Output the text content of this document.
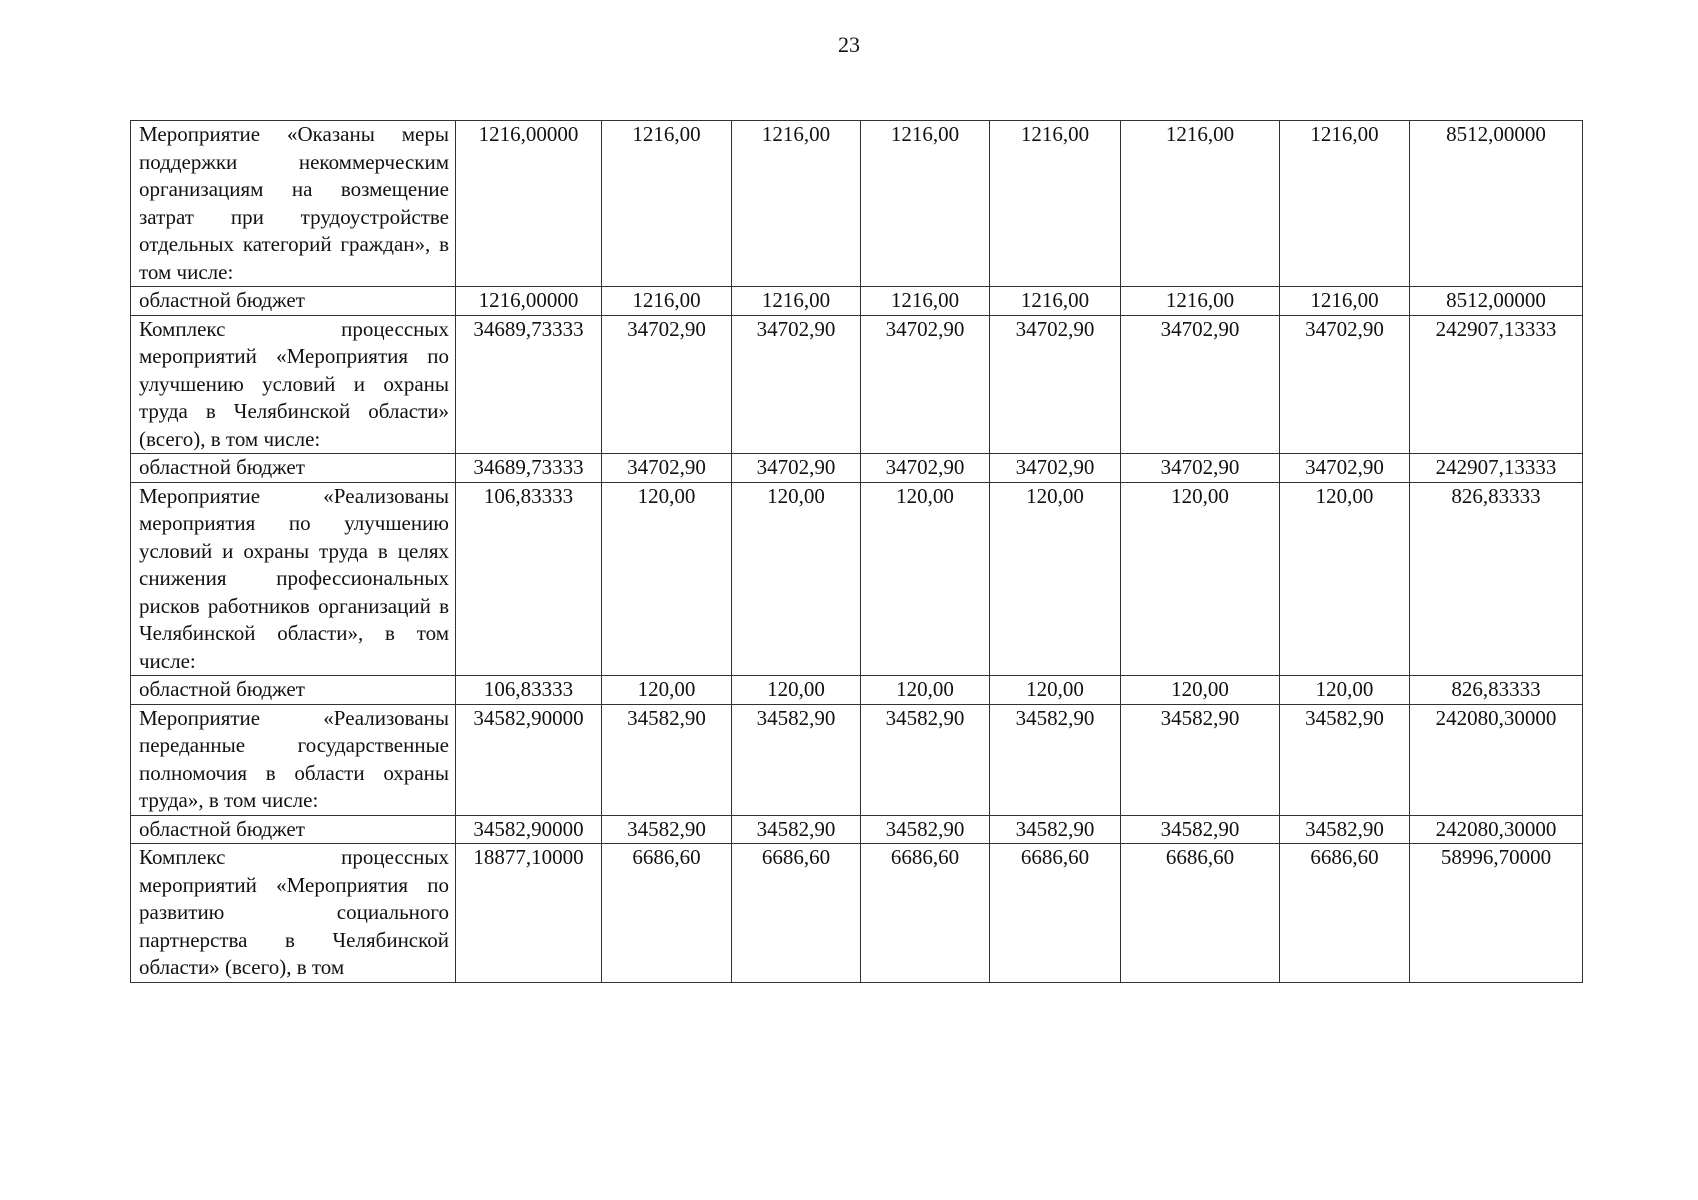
23
Мероприятие «Оказаны меры поддержки некоммерческим организациям на возмещение затрат при трудоустройстве отдельных категорий граждан», в том числе:	1216,00000	1216,00	1216,00	1216,00	1216,00	1216,00	1216,00	8512,00000
областной бюджет	1216,00000	1216,00	1216,00	1216,00	1216,00	1216,00	1216,00	8512,00000
Комплекс процессных мероприятий «Мероприятия по улучшению условий и охраны труда в Челябинской области» (всего), в том числе:	34689,73333	34702,90	34702,90	34702,90	34702,90	34702,90	34702,90	242907,13333
областной бюджет	34689,73333	34702,90	34702,90	34702,90	34702,90	34702,90	34702,90	242907,13333
Мероприятие «Реализованы мероприятия по улучшению условий и охраны труда в целях снижения профессиональных рисков работников организаций в Челябинской области», в том числе:	106,83333	120,00	120,00	120,00	120,00	120,00	120,00	826,83333
областной бюджет	106,83333	120,00	120,00	120,00	120,00	120,00	120,00	826,83333
Мероприятие «Реализованы переданные государственные полномочия в области охраны труда», в том числе:	34582,90000	34582,90	34582,90	34582,90	34582,90	34582,90	34582,90	242080,30000
областной бюджет	34582,90000	34582,90	34582,90	34582,90	34582,90	34582,90	34582,90	242080,30000
Комплекс процессных мероприятий «Мероприятия по развитию социального партнерства в Челябинской области» (всего), в том	18877,10000	6686,60	6686,60	6686,60	6686,60	6686,60	6686,60	58996,70000
